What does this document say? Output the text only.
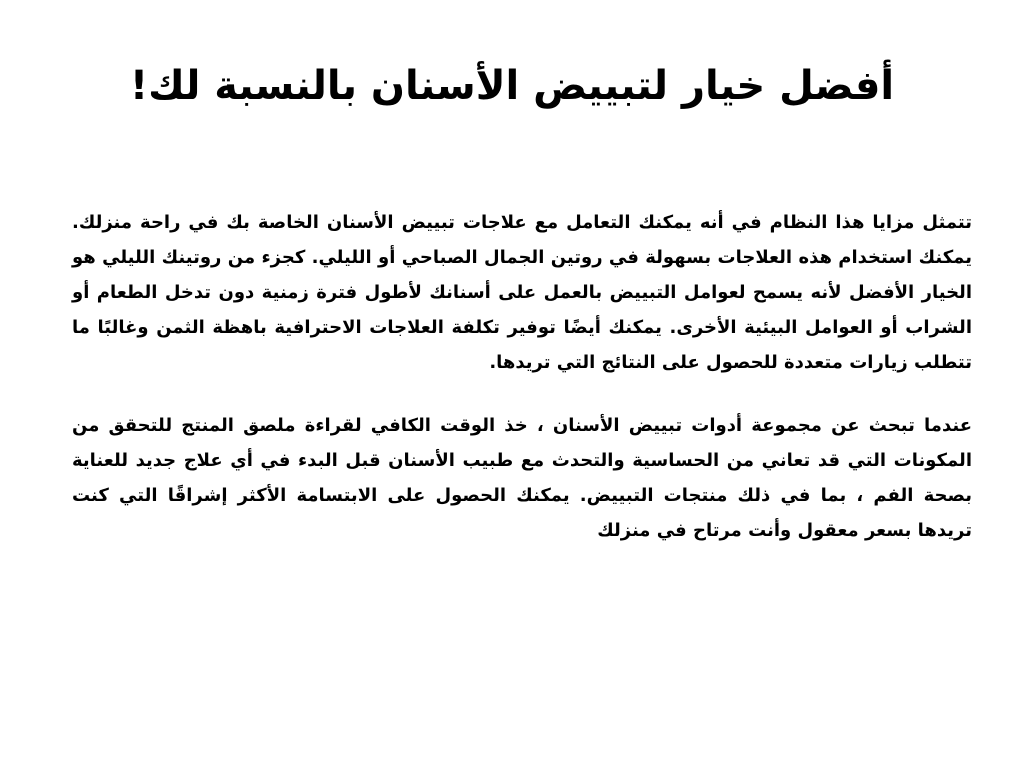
أفضل خيار لتبييض الأسنان بالنسبة لك!

تتمثل مزايا هذا النظام في أنه يمكنك التعامل مع علاجات تبييض الأسنان الخاصة بك في راحة منزلك. يمكنك استخدام هذه العلاجات بسهولة في روتين الجمال الصباحي أو الليلي. كجزء من روتينك الليلي هو الخيار الأفضل لأنه يسمح لعوامل التبييض بالعمل على أسنانك لأطول فترة زمنية دون تدخل الطعام أو الشراب أو العوامل البيئية الأخرى. يمكنك أيضًا توفير تكلفة العلاجات الاحترافية باهظة الثمن وغالبًا ما تتطلب زيارات متعددة للحصول على النتائج التي تريدها.

عندما تبحث عن مجموعة أدوات تبييض الأسنان ، خذ الوقت الكافي لقراءة ملصق المنتج للتحقق من المكونات التي قد تعاني من الحساسية والتحدث مع طبيب الأسنان قبل البدء في أي علاج جديد للعناية بصحة الفم ، بما في ذلك منتجات التبييض. يمكنك الحصول على الابتسامة الأكثر إشراقًا التي كنت تريدها بسعر معقول وأنت مرتاح في منزلك
